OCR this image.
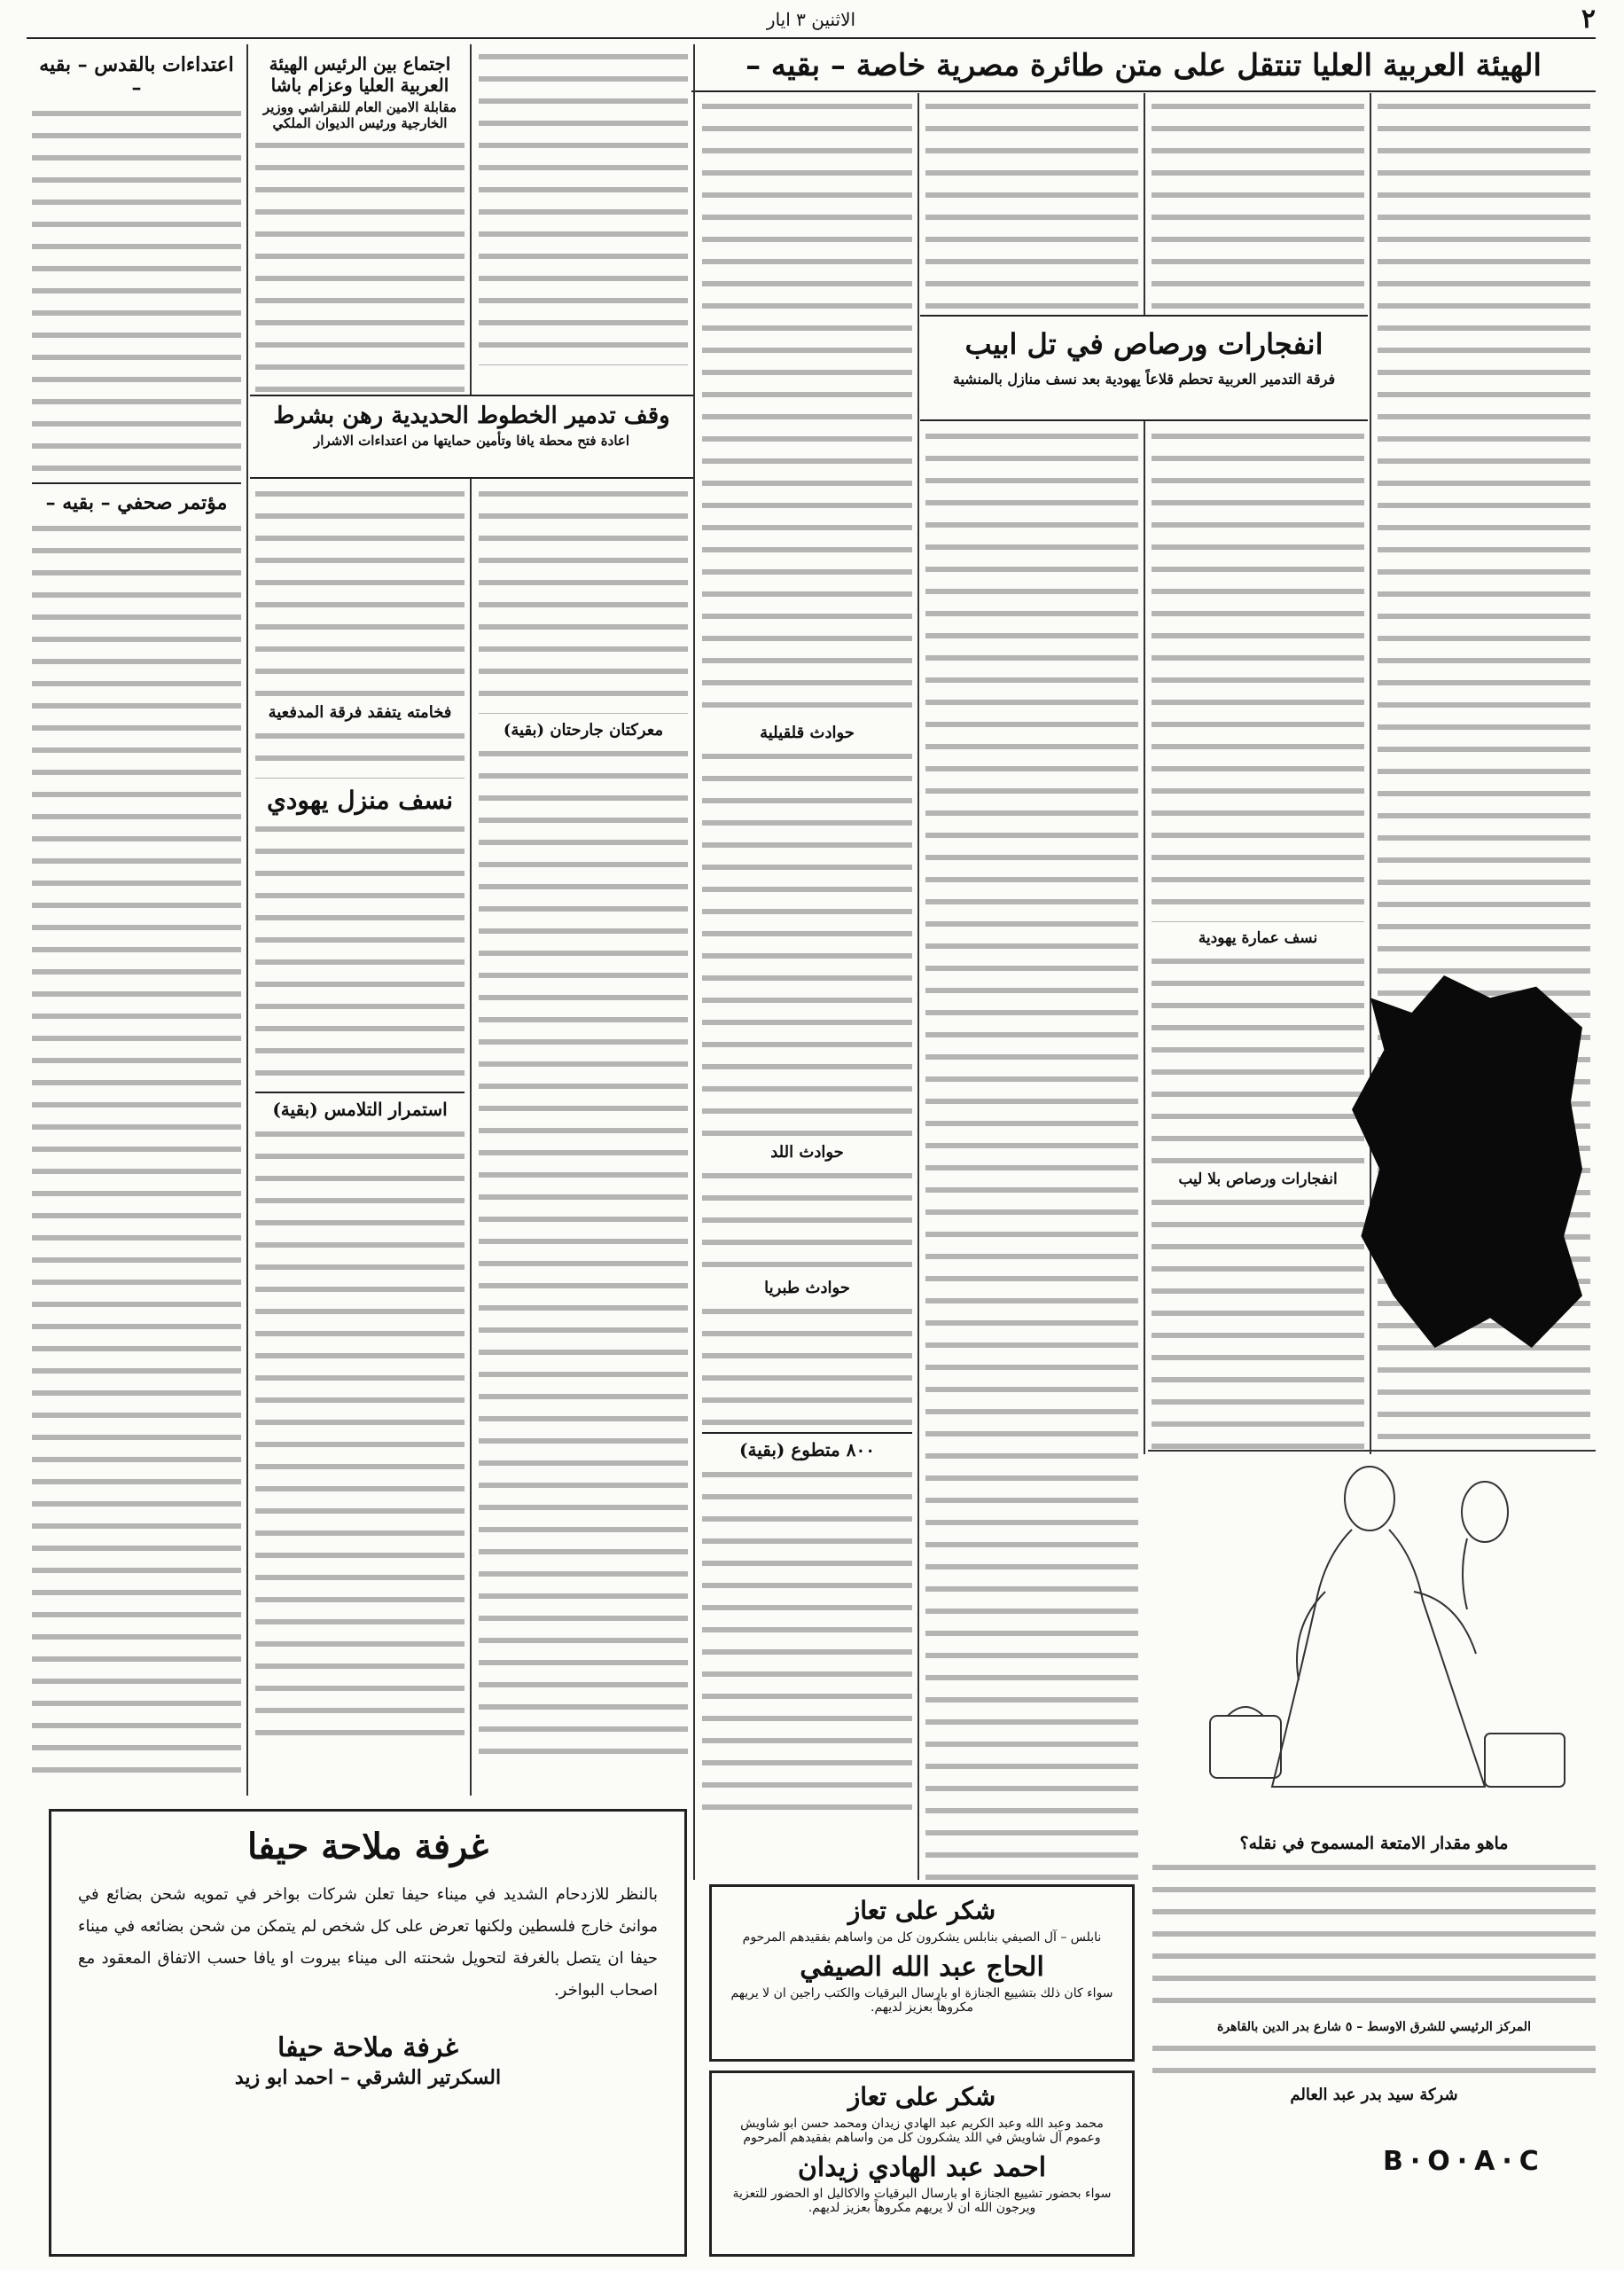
٢
الاثنين ٣ ايار
الهيئة العربية العليا تنتقل على متن طائرة مصرية خاصة – بقيه –
اعتداءات بالقدس – بقيه –
مؤتمر صحفي – بقيه –
اجتماع بين الرئيس الهيئة العربية العليا وعزام باشا
مقابلة الامين العام للنقراشي ووزير الخارجية ورئيس الديوان الملكي
وقف تدمير الخطوط الحديدية رهن بشرط
اعادة فتح محطة يافا وتأمين حمايتها من اعتداءات الاشرار
فخامته يتفقد فرقة المدفعية
نسف منزل يهودي
استمرار التلامس (بقية)
معركتان جارحتان (بقية)	حوادث قلقيلية
حوادث اللد
حوادث طبريا
٨٠٠ متطوع (بقية)
انفجارات ورصاص في تل ابيب
فرقة التدمير العربية تحطم قلاعاً يهودية بعد نسف منازل بالمنشية
نسف عمارة يهودية
انفجارات ورصاص بلا ليب
ماهو مقدار الامتعة المسموح في نقله؟
المركز الرئيسي للشرق الاوسط – ٥ شارع بدر الدين بالقاهرة
شركة سيد بدر عبد العالم
B·O·A·C
غرفة ملاحة حيفا
بالنظر للازدحام الشديد في ميناء حيفا تعلن شركات بواخر في تمويه شحن بضائع في موانئ خارج فلسطين ولكنها تعرض على كل شخص لم يتمكن من شحن بضائعه في ميناء حيفا ان يتصل بالغرفة لتحويل شحنته الى ميناء بيروت او يافا حسب الاتفاق المعقود مع اصحاب البواخر.
غرفة ملاحة حيفا
السكرتير الشرقي – احمد ابو زيد
شكر على تعاز
نابلس – آل الصيفي بنابلس يشكرون كل من واساهم بفقيدهم المرحوم
الحاج عبد الله الصيفي
سواء كان ذلك بتشييع الجنازة او بارسال البرقيات والكتب راجين ان لا يريهم مكروهاً بعزيز لديهم.
شكر على تعاز
محمد وعبد الله وعبد الكريم عبد الهادي زيدان ومحمد حسن ابو شاويش وعموم آل شاويش في اللد يشكرون كل من واساهم بفقيدهم المرحوم
احمد عبد الهادي زيدان
سواء بحضور تشييع الجنازة او بارسال البرقيات والاكاليل او الحضور للتعزية ويرجون الله ان لا يريهم مكروهاً بعزيز لديهم.
